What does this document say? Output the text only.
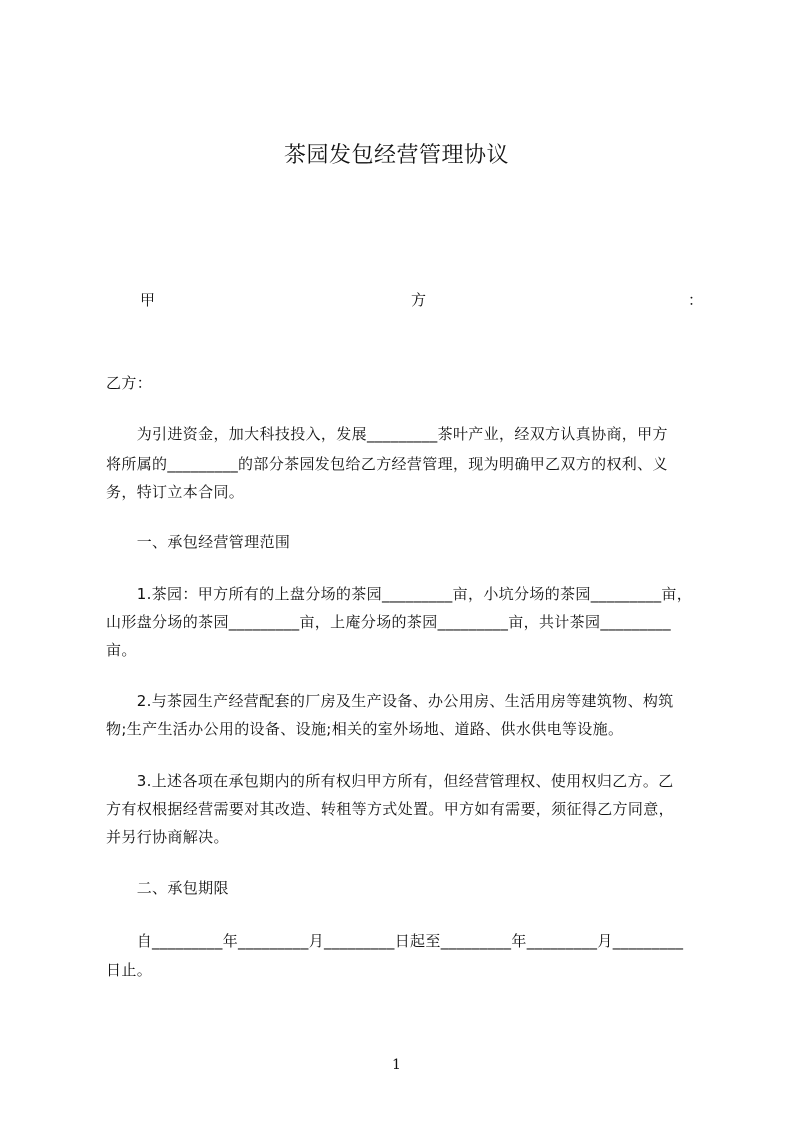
茶园发包经营管理协议
甲	方	：
乙方：
　　为引进资金，加大科技投入，发展_________茶叶产业，经双方认真协商，甲方
将所属的_________的部分茶园发包给乙方经营管理，现为明确甲乙双方的权利、义
务，特订立本合同。
　　一、承包经营管理范围
　　1.茶园：甲方所有的上盘分场的茶园_________亩，小坑分场的茶园_________亩，
山形盘分场的茶园_________亩，上庵分场的茶园_________亩，共计茶园_________
亩。
　　2.与茶园生产经营配套的厂房及生产设备、办公用房、生活用房等建筑物、构筑
物;生产生活办公用的设备、设施;相关的室外场地、道路、供水供电等设施。
　　3.上述各项在承包期内的所有权归甲方所有，但经营管理权、使用权归乙方。乙
方有权根据经营需要对其改造、转租等方式处置。甲方如有需要，须征得乙方同意，
并另行协商解决。
　　二、承包期限
　　自_________年_________月_________日起至_________年_________月_________
日止。
1
